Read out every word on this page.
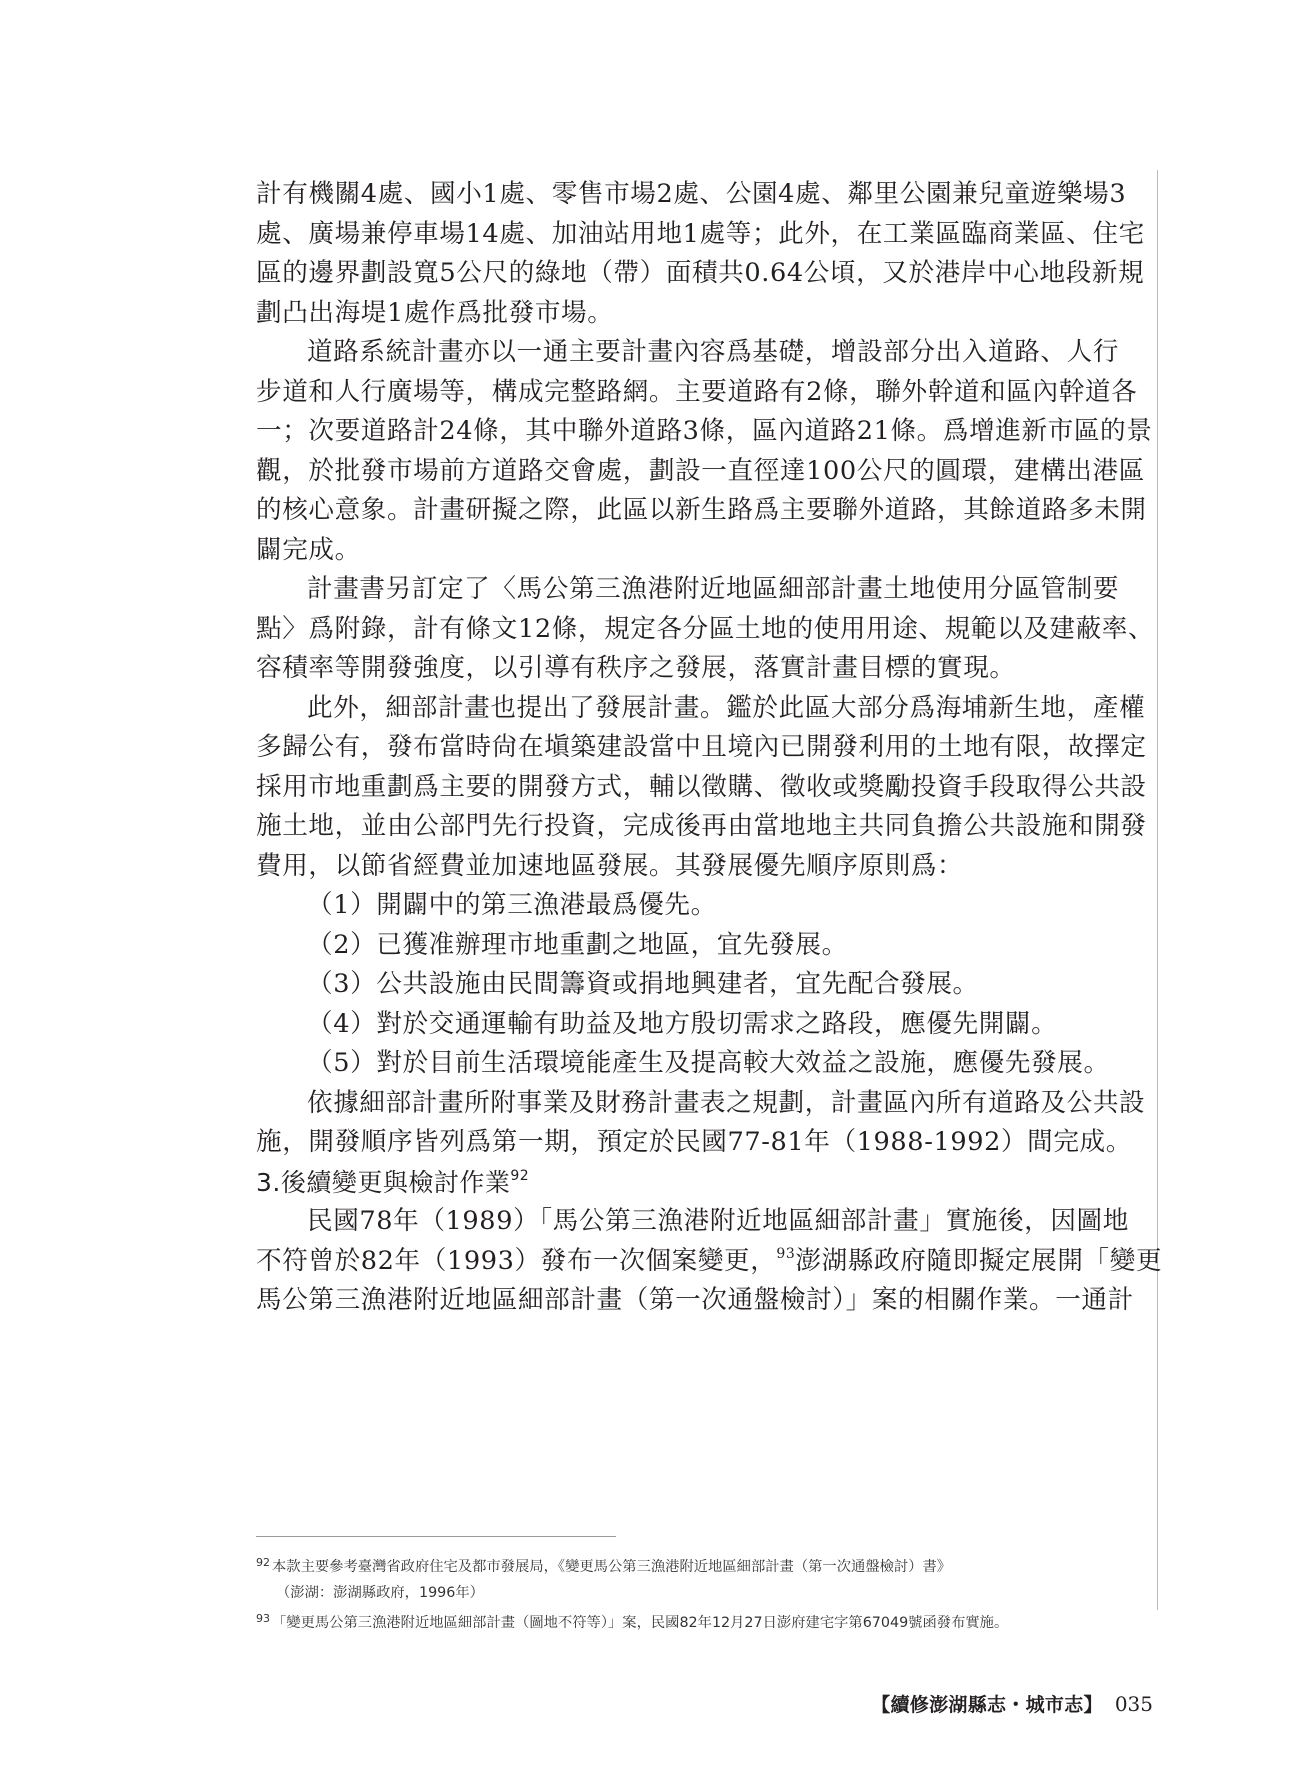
計有機關4處、國小1處、零售市場2處、公園4處、鄰里公園兼兒童遊樂場3
處、廣場兼停車場14處、加油站用地1處等；此外，在工業區臨商業區、住宅
區的邊界劃設寬5公尺的綠地（帶）面積共0.64公頃，又於港岸中心地段新規
劃凸出海堤1處作爲批發市場。
道路系統計畫亦以一通主要計畫內容爲基礎，增設部分出入道路、人行
步道和人行廣場等，構成完整路網。主要道路有2條，聯外幹道和區內幹道各
一；次要道路計24條，其中聯外道路3條，區內道路21條。爲增進新市區的景
觀，於批發市場前方道路交會處，劃設一直徑達100公尺的圓環，建構出港區
的核心意象。計畫研擬之際，此區以新生路爲主要聯外道路，其餘道路多未開
闢完成。
計畫書另訂定了〈馬公第三漁港附近地區細部計畫土地使用分區管制要
點〉爲附錄，計有條文12條，規定各分區土地的使用用途、規範以及建蔽率、
容積率等開發強度，以引導有秩序之發展，落實計畫目標的實現。
此外，細部計畫也提出了發展計畫。鑑於此區大部分爲海埔新生地，產權
多歸公有，發布當時尙在塡築建設當中且境內已開發利用的土地有限，故擇定
採用市地重劃爲主要的開發方式，輔以徵購、徵收或獎勵投資手段取得公共設
施土地，並由公部門先行投資，完成後再由當地地主共同負擔公共設施和開發
費用，以節省經費並加速地區發展。其發展優先順序原則爲：
（1）開闢中的第三漁港最爲優先。
（2）已獲准辦理市地重劃之地區，宜先發展。
（3）公共設施由民間籌資或捐地興建者，宜先配合發展。
（4）對於交通運輸有助益及地方殷切需求之路段，應優先開闢。
（5）對於目前生活環境能產生及提高較大效益之設施，應優先發展。
依據細部計畫所附事業及財務計畫表之規劃，計畫區內所有道路及公共設
施，開發順序皆列爲第一期，預定於民國77-81年（1988-1992）間完成。
3.後續變更與檢討作業$^{92}$
民國78年（1989）「馬公第三漁港附近地區細部計畫」實施後，因圖地
不符曾於82年（1993）發布一次個案變更，$^{93}$澎湖縣政府隨即擬定展開「變更
馬公第三漁港附近地區細部計畫（第一次通盤檢討）」案的相關作業。一通計
$^{92}$ 本款主要參考臺灣省政府住宅及都市發展局，《變更馬公第三漁港附近地區細部計畫（第一次通盤檢討）書》
（澎湖：澎湖縣政府，1996年）
$^{93}$ 「變更馬公第三漁港附近地區細部計畫（圖地不符等）」案，民國82年12月27日澎府建宅字第67049號函發布實施。
【續修澎湖縣志・城市志】 035
